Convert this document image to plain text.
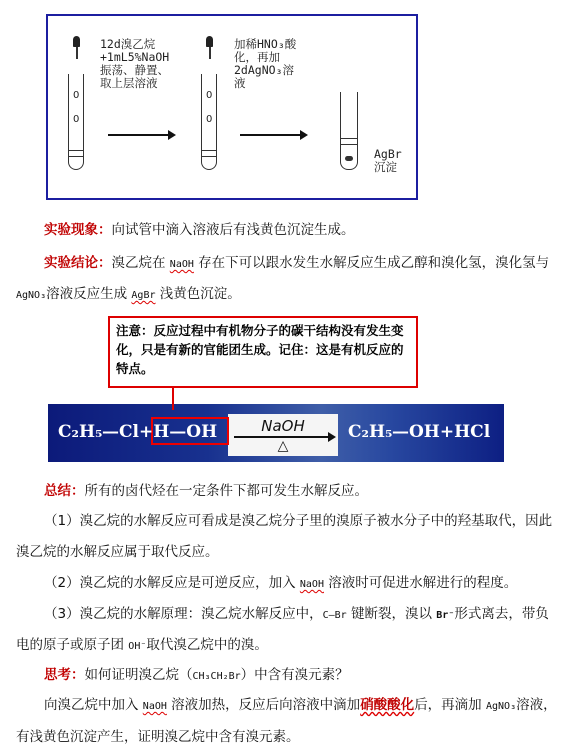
0
0
12d溴乙烷
+1mL5%NaOH
振荡、静置、
取上层溶液
0
0
加稀HNO₃酸
化，再加
2dAgNO₃溶
液
AgBr
沉淀
实验现象：向试管中滴入溶液后有浅黄色沉淀生成。
实验结论：溴乙烷在 NaOH 存在下可以跟水发生水解反应生成乙醇和溴化氢，溴化氢与
AgNO₃溶液反应生成 AgBr 浅黄色沉淀。
注意：反应过程中有机物分子的碳干结构没有发生变化，只是有新的官能团生成。记住：这是有机反应的特点。
NaOH
△
C₂H₅ —Cl+H—OH	C₂H₅ —OH+HCl
总结：所有的卤代烃在一定条件下都可发生水解反应。
（1）溴乙烷的水解反应可看成是溴乙烷分子里的溴原子被水分子中的羟基取代，因此
溴乙烷的水解反应属于取代反应。
（2）溴乙烷的水解反应是可逆反应，加入 NaOH 溶液时可促进水解进行的程度。
（3）溴乙烷的水解原理：溴乙烷水解反应中，C—Br 键断裂，溴以 Br⁻形式离去，带负
电的原子或原子团 OH⁻取代溴乙烷中的溴。
思考：如何证明溴乙烷（CH₃CH₂Br）中含有溴元素？
向溴乙烷中加入 NaOH 溶液加热，反应后向溶液中滴加硝酸酸化后，再滴加 AgNO₃溶液，
有浅黄色沉淀产生，证明溴乙烷中含有溴元素。
